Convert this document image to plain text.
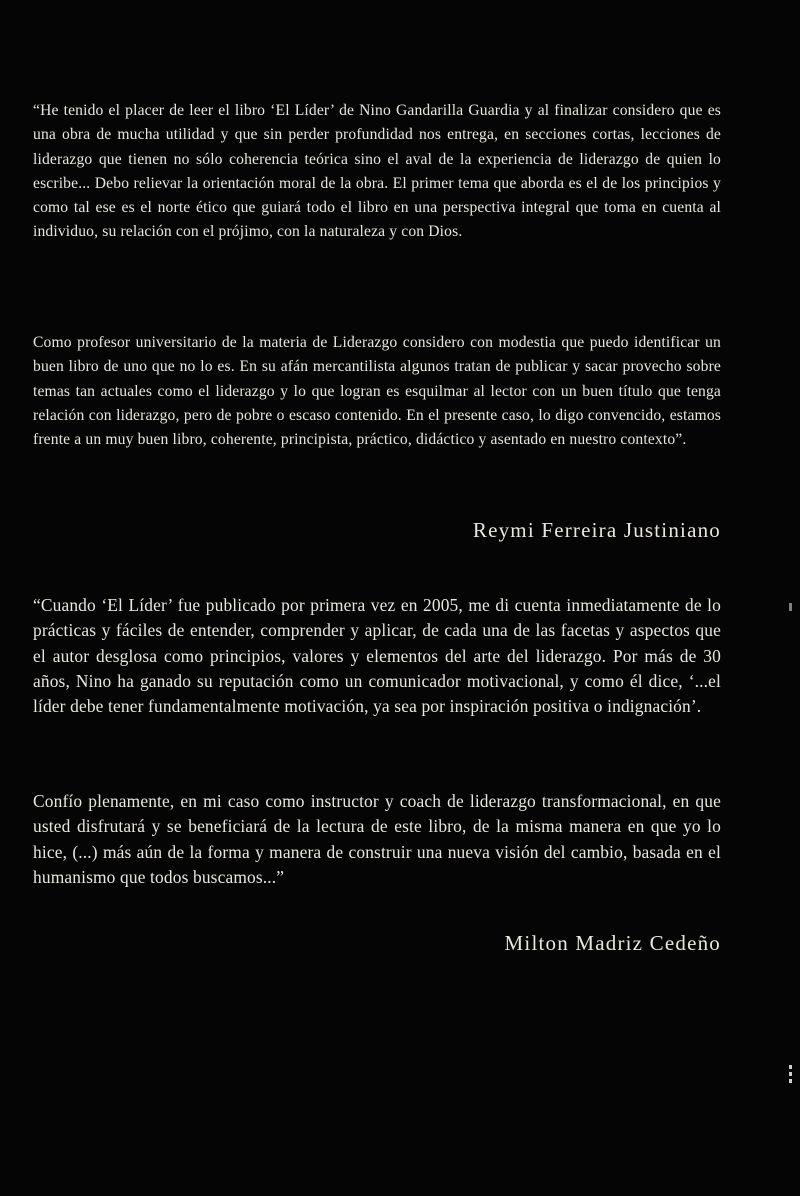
“He tenido el placer de leer el libro ‘El Líder’ de Nino Gandarilla Guardia y al finalizar considero que es una obra de mucha utilidad y que sin perder profundidad nos entrega, en secciones cortas, lecciones de liderazgo que tienen no sólo coherencia teórica sino el aval de la experiencia de liderazgo de quien lo escribe... Debo relievar la orientación moral de la obra. El primer tema que aborda es el de los principios y como tal ese es el norte ético que guiará todo el libro en una perspectiva integral que toma en cuenta al individuo, su relación con el prójimo, con la naturaleza y con Dios.

Como profesor universitario de la materia de Liderazgo considero con modestia que puedo identificar un buen libro de uno que no lo es. En su afán mercantilista algunos tratan de publicar y sacar provecho sobre temas tan actuales como el liderazgo y lo que logran es esquilmar al lector con un buen título que tenga relación con liderazgo, pero de pobre o escaso contenido. En el presente caso, lo digo convencido, estamos frente a un muy buen libro, coherente, principista, práctico, didáctico y asentado en nuestro contexto”.

Reymi Ferreira Justiniano

“Cuando ‘El Líder’ fue publicado por primera vez en 2005, me di cuenta inmediatamente de lo prácticas y fáciles de entender, comprender y aplicar, de cada una de las facetas y aspectos que el autor desglosa como principios, valores y elementos del arte del liderazgo. Por más de 30 años, Nino ha ganado su reputación como un comunicador motivacional, y como él dice, ‘...el líder debe tener fundamentalmente motivación, ya sea por inspiración positiva o indignación’.

Confío plenamente, en mi caso como instructor y coach de liderazgo transformacional, en que usted disfrutará y se beneficiará de la lectura de este libro, de la misma manera en que yo lo hice, (...) más aún de la forma y manera de construir una nueva visión del cambio, basada en el humanismo que todos buscamos...”

Milton Madriz Cedeño
